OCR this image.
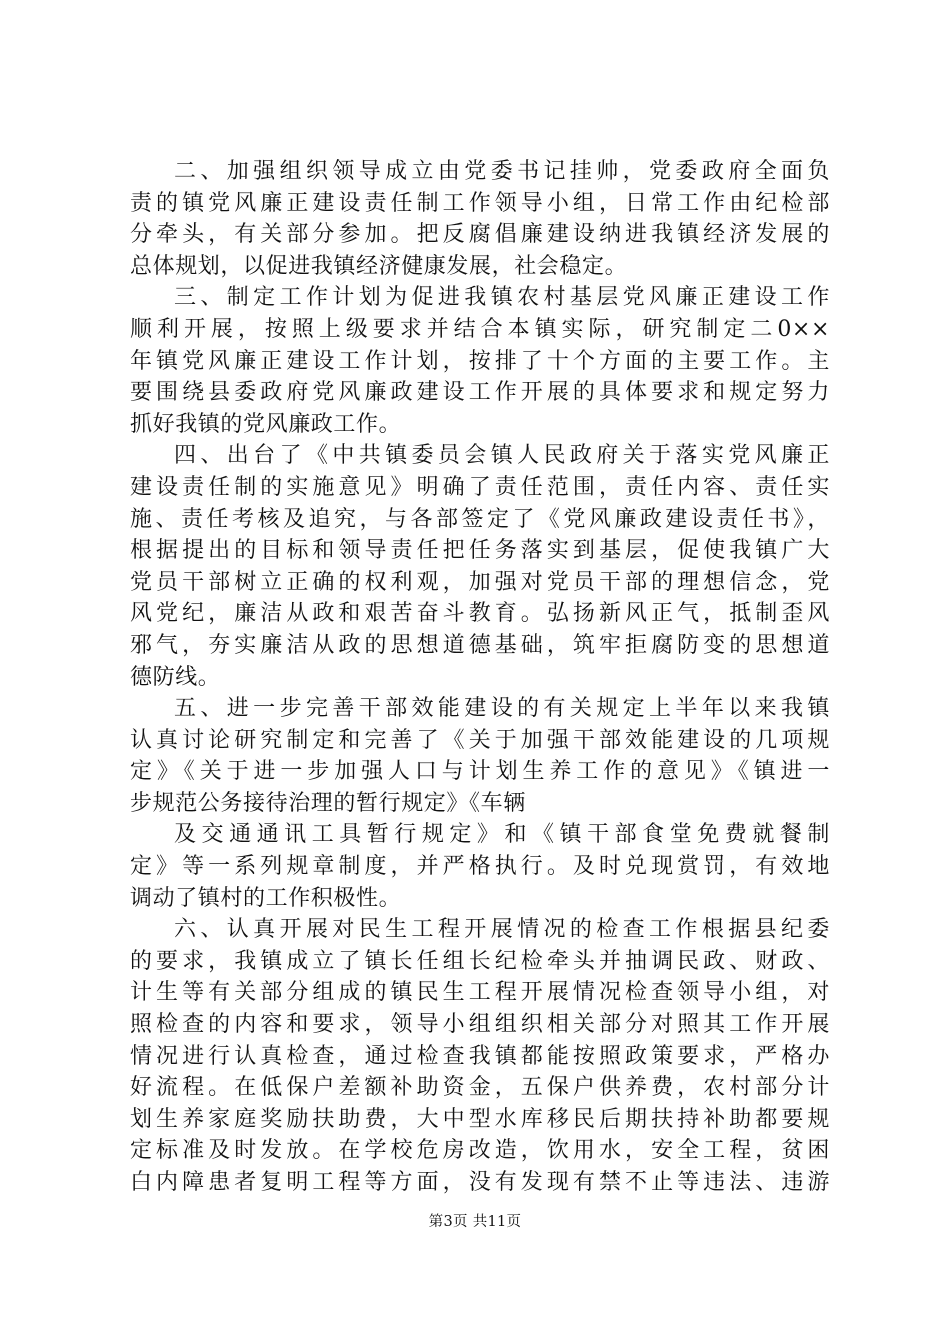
二、加强组织领导成立由党委书记挂帅，党委政府全面负
责的镇党风廉正建设责任制工作领导小组，日常工作由纪检部
分牵头，有关部分参加。把反腐倡廉建设纳进我镇经济发展的
总体规划，以促进我镇经济健康发展，社会稳定。
三、制定工作计划为促进我镇农村基层党风廉正建设工作
顺利开展，按照上级要求并结合本镇实际，研究制定二0××
年镇党风廉正建设工作计划，按排了十个方面的主要工作。主
要围绕县委政府党风廉政建设工作开展的具体要求和规定努力
抓好我镇的党风廉政工作。
四、出台了《中共镇委员会镇人民政府关于落实党风廉正
建设责任制的实施意见》明确了责任范围，责任内容、责任实
施、责任考核及追究，与各部签定了《党风廉政建设责任书》，
根据提出的目标和领导责任把任务落实到基层，促使我镇广大
党员干部树立正确的权利观，加强对党员干部的理想信念，党
风党纪，廉洁从政和艰苦奋斗教育。弘扬新风正气，抵制歪风
邪气，夯实廉洁从政的思想道德基础，筑牢拒腐防变的思想道
德防线。
五、进一步完善干部效能建设的有关规定上半年以来我镇
认真讨论研究制定和完善了《关于加强干部效能建设的几项规
定》《关于进一步加强人口与计划生养工作的意见》《镇进一
步规范公务接待治理的暂行规定》《车辆
及交通通讯工具暂行规定》和《镇干部食堂免费就餐制
定》等一系列规章制度，并严格执行。及时兑现赏罚，有效地
调动了镇村的工作积极性。
六、认真开展对民生工程开展情况的检查工作根据县纪委
的要求，我镇成立了镇长任组长纪检牵头并抽调民政、财政、
计生等有关部分组成的镇民生工程开展情况检查领导小组，对
照检查的内容和要求，领导小组组织相关部分对照其工作开展
情况进行认真检查，通过检查我镇都能按照政策要求，严格办
好流程。在低保户差额补助资金，五保户供养费，农村部分计
划生养家庭奖励扶助费，大中型水库移民后期扶持补助都要规
定标准及时发放。在学校危房改造，饮用水，安全工程，贫困
白内障患者复明工程等方面，没有发现有禁不止等违法、违游
第3页 共11页
